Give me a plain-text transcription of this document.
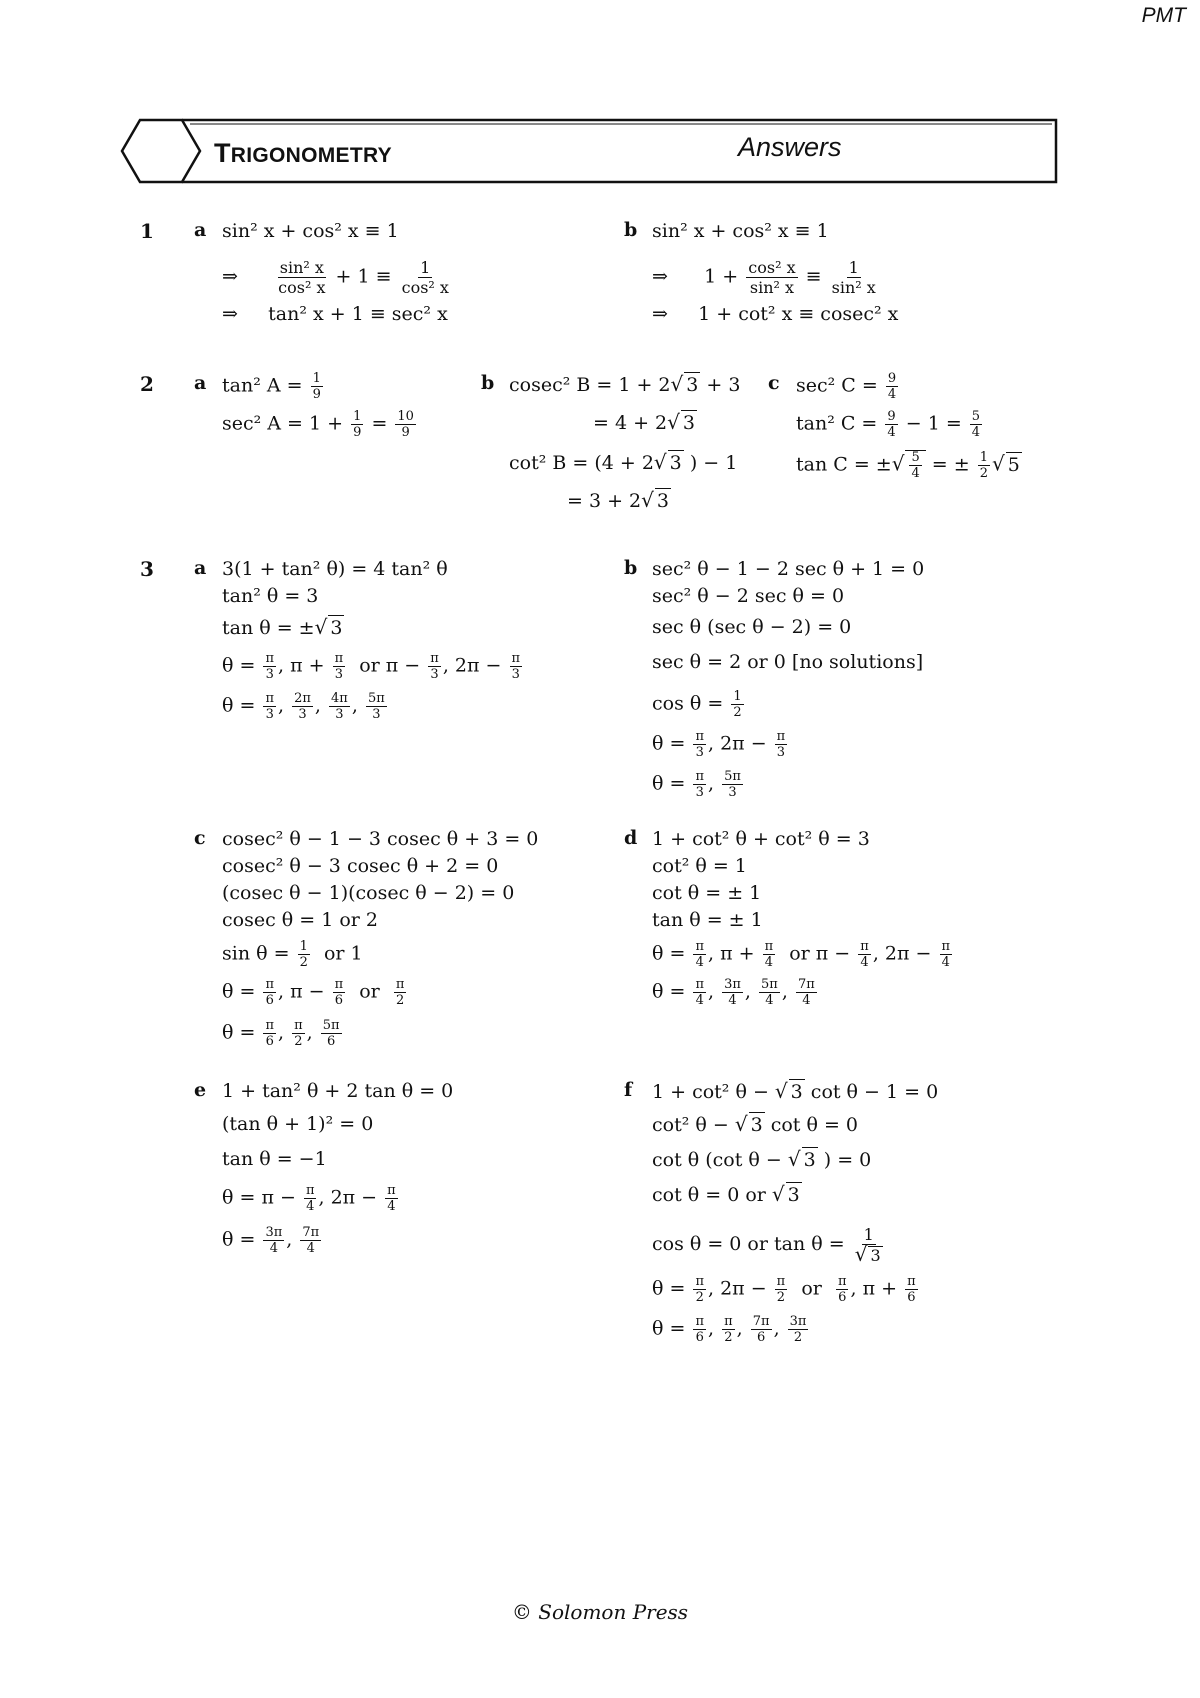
PMT
TRIGONOMETRY	Answers
1 a sin² x + cos² x ≡ 1
⇒ $\frac{\text{sin² x}}{\text{cos² x}} + 1 \equiv \frac{1}{\text{cos² x}}$
⇒ tan² x + 1 ≡ sec² x
b sin² x + cos² x ≡ 1
⇒ $1 + \frac{\text{cos² x}}{\text{sin² x}} \equiv \frac{1}{\text{sin² x}}$
⇒ 1 + cot² x ≡ cosec² x
2 a tan² $A = \frac{1}{9}$
sec² $A = 1 + \frac{1}{9} = \frac{10}{9}$
b cosec² B = 1 + 2√ 3 + 3
= 4 + 2√ 3
cot² B = (4 + 2√ 3 ) − 1
= 3 + 2√ 3
c sec² $C = \frac{9}{4}$
tan² $C = \frac{9}{4} - 1 = \frac{5}{4}$
tan C = ±√ $\frac{5}{4}$ = ± $\frac{1}{2}$ √ 5
3 a 3(1 + tan² θ) = 4 tan² θ
tan² θ = 3
tan θ = ±√ 3
$\theta = \frac{\pi}{3}$ , $\pi + \frac{\pi}{3}$ or $\pi - \frac{\pi}{3}$ , $2\pi - \frac{\pi}{3}$
$\theta = \frac{\pi}{3}$ , $\frac{2\pi}{3}$ , $\frac{4\pi}{3}$ , $\frac{5\pi}{3}$
b sec² θ − 1 − 2 sec θ + 1 = 0
sec² θ − 2 sec θ = 0
sec θ (sec θ − 2) = 0
sec θ = 2 or 0 [no solutions]
$\cos \theta = \frac{1}{2}$
$\theta = \frac{\pi}{3}$ , $2\pi - \frac{\pi}{3}$
$\theta = \frac{\pi}{3}$ , $\frac{5\pi}{3}$
c cosec² θ − 1 − 3 cosec θ + 3 = 0
cosec² θ − 3 cosec θ + 2 = 0
(cosec θ − 1)(cosec θ − 2) = 0
cosec θ = 1 or 2
$\sin \theta = \frac{1}{2}$ or 1
$\theta = \frac{\pi}{6}$ , $\pi - \frac{\pi}{6}$ or $\frac{\pi}{2}$
$\theta = \frac{\pi}{6}$ , $\frac{\pi}{2}$ , $\frac{5\pi}{6}$
d 1 + cot² θ + cot² θ = 3
cot² θ = 1
cot θ = ± 1
tan θ = ± 1
$\theta = \frac{\pi}{4}$ , $\pi + \frac{\pi}{4}$ or $\pi - \frac{\pi}{4}$ , $2\pi - \frac{\pi}{4}$
$\theta = \frac{\pi}{4}$ , $\frac{3\pi}{4}$ , $\frac{5\pi}{4}$ , $\frac{7\pi}{4}$
e 1 + tan² θ + 2 tan θ = 0
(tan θ + 1)² = 0
tan θ = −1
$\theta = \pi - \frac{\pi}{4}$ , $2\pi - \frac{\pi}{4}$
$\theta = \frac{3\pi}{4}$ , $\frac{7\pi}{4}$
f 1 + cot² θ − √ 3 cot θ − 1 = 0
cot² θ − √ 3 cot θ = 0
cot θ (cot θ − √ 3 ) = 0
cot θ = 0 or √ 3
cos θ = 0 or $\tan \theta = \frac{1}{√ 3}$
$\theta = \frac{\pi}{2}$ , $2\pi - \frac{\pi}{2}$ or $\frac{\pi}{6}$ , $\pi + \frac{\pi}{6}$
$\theta = \frac{\pi}{6}$ , $\frac{\pi}{2}$ , $\frac{7\pi}{6}$ , $\frac{3\pi}{2}$
© Solomon Press
